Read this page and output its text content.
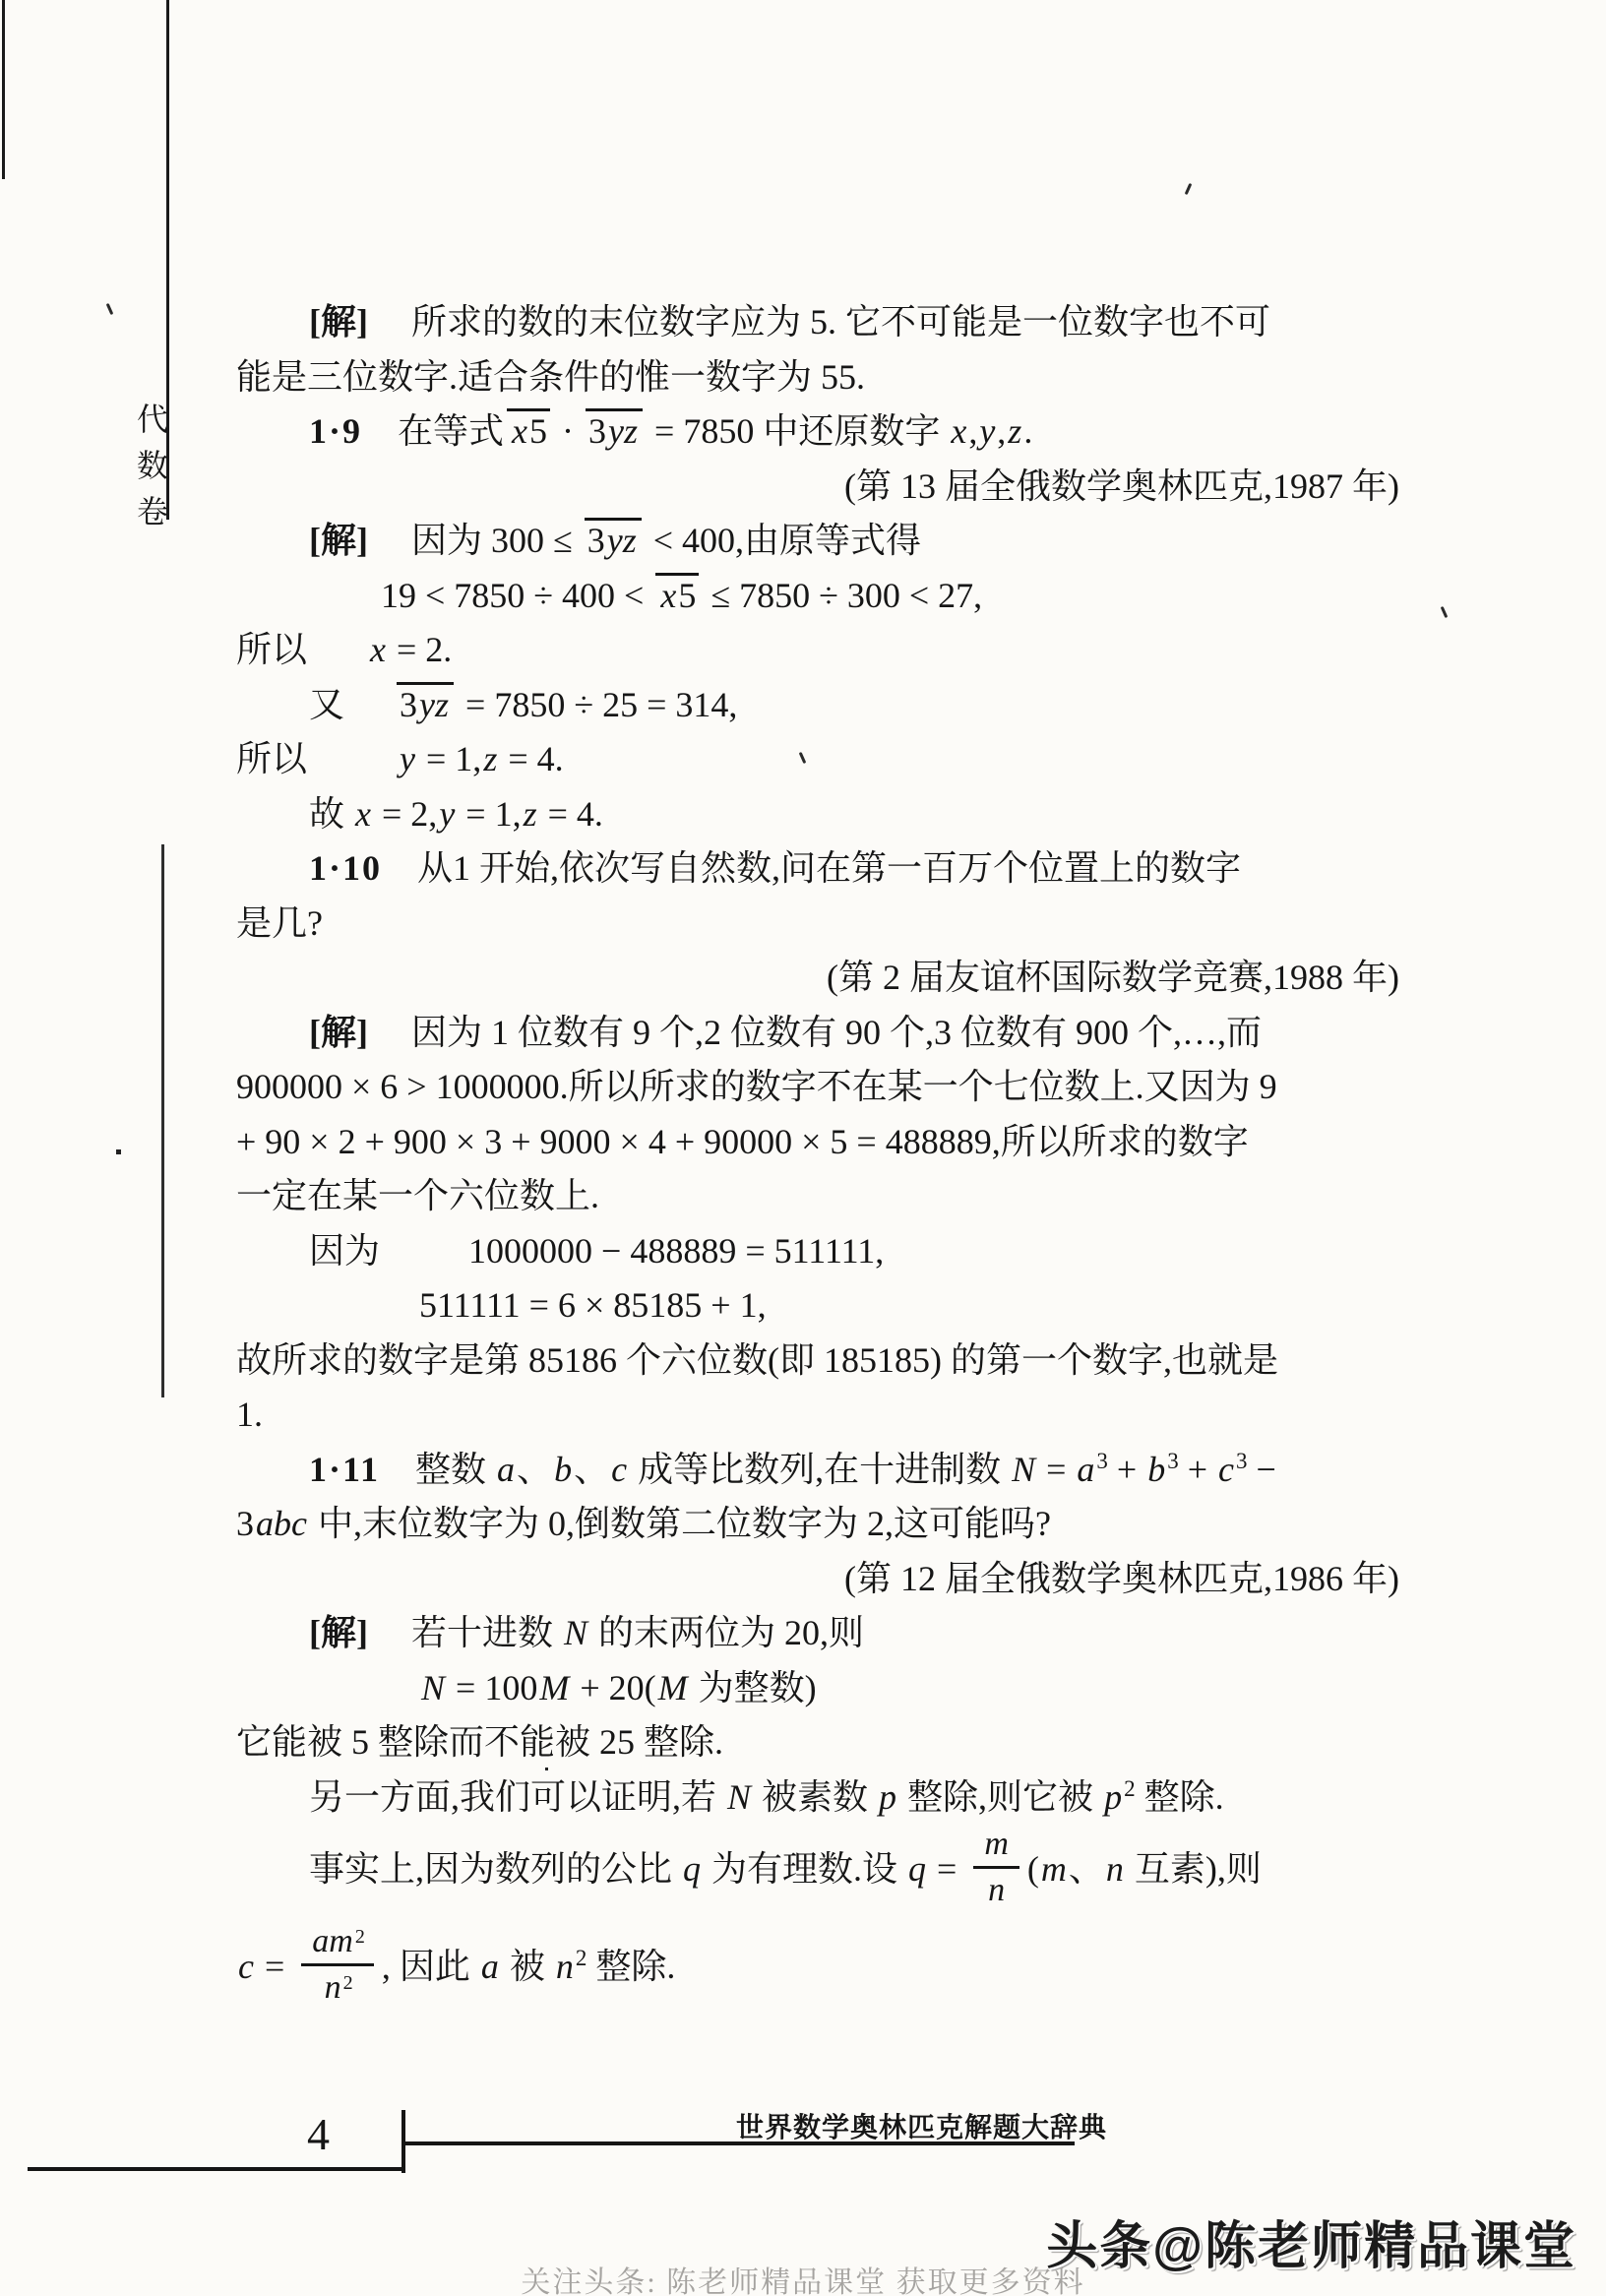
代
数
卷
[解] 所求的数的末位数字应为 5. 它不可能是一位数字也不可
能是三位数字.适合条件的惟一数字为 55.
1·9 在等式 x5 · 3yz = 7850 中还原数字 x,y,z.
(第 13 届全俄数学奥林匹克,1987 年)
[解] 因为 300 ≤ 3yz < 400,由原等式得
19 < 7850 ÷ 400 < x5 ≤ 7850 ÷ 300 < 27,
所以 x = 2.
又 3yz = 7850 ÷ 25 = 314,
所以	y = 1,z = 4.
故 x = 2,y = 1,z = 4.
1·10 从1 开始,依次写自然数,问在第一百万个位置上的数字
是几?
(第 2 届友谊杯国际数学竞赛,1988 年)
[解] 因为 1 位数有 9 个,2 位数有 90 个,3 位数有 900 个,…,而
900000 × 6 > 1000000.所以所求的数字不在某一个七位数上.又因为 9
+ 90 × 2 + 900 × 3 + 9000 × 4 + 90000 × 5 = 488889,所以所求的数字
一定在某一个六位数上.
因为	1000000 − 488889 = 511111,
511111 = 6 × 85185 + 1,
故所求的数字是第 85186 个六位数(即 185185) 的第一个数字,也就是
1.
1·11 整数 a、b、c 成等比数列,在十进制数 $N = a^3 + b^3 + c^3$ −
3abc 中,末位数字为 0,倒数第二位数字为 2,这可能吗?
(第 12 届全俄数学奥林匹克,1986 年)
[解] 若十进数 N 的末两位为 20,则
N = 100M + 20(M 为整数)
它能被 5 整除而不能被 25 整除.
另一方面,我们可以证明,若 N 被素数 p 整除,则它被 $p^2$ 整除.
事实上,因为数列的公比 q 为有理数.设 $q = \frac{m}{n} (m$、n 互素),则
$c = \frac{am ^2}{n ^2}$ , 因此 a 被 $n^2$ 整除.
4	世界数学奥林匹克解题大辞典
头条@陈老师精品课堂
关注头条: 陈老师精品课堂 获取更多资料
